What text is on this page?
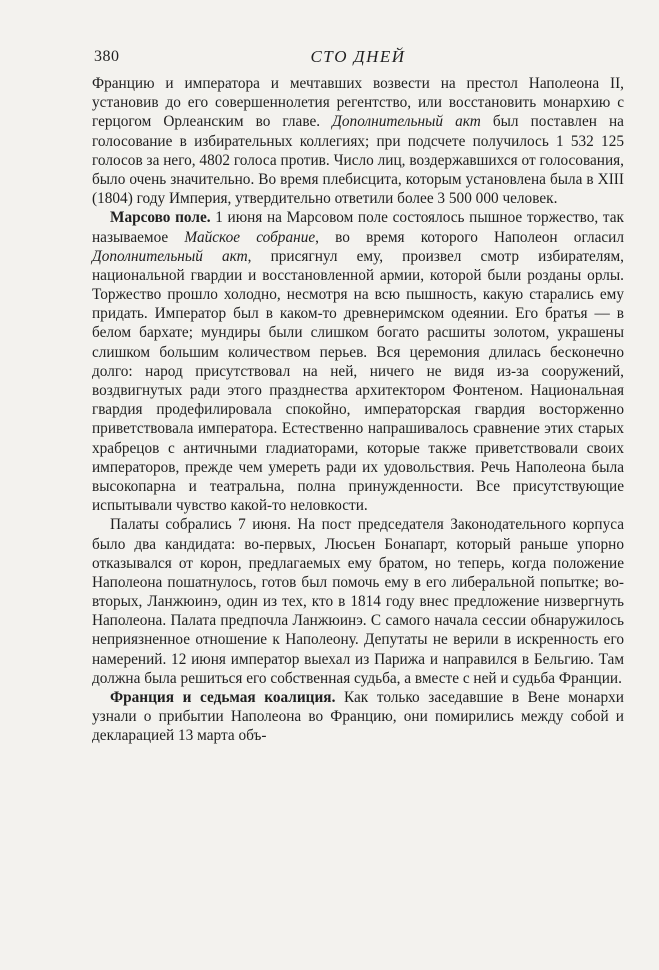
380	СТО ДНЕЙ

Францию и императора и мечтавших возвести на престол Наполеона II, установив до его совершеннолетия регентство, или восстановить монархию с герцогом Орлеанским во главе. Дополнительный акт был поставлен на голосование в избирательных коллегиях; при подсчете получилось 1 532 125 голосов за него, 4802 голоса против. Число лиц, воздержавшихся от голосования, было очень значительно. Во время плебисцита, которым установлена была в XIII (1804) году Империя, утвердительно ответили более 3 500 000 человек.

Марсово поле. 1 июня на Марсовом поле состоялось пышное торжество, так называемое Майское собрание, во время которого Наполеон огласил Дополнительный акт, присягнул ему, произвел смотр избирателям, национальной гвардии и восстановленной армии, которой были розданы орлы. Торжество прошло холодно, несмотря на всю пышность, какую старались ему придать. Император был в каком-то древнеримском одеянии. Его братья — в белом бархате; мундиры были слишком богато расшиты золотом, украшены слишком большим количеством перьев. Вся церемония длилась бесконечно долго: народ присутствовал на ней, ничего не видя из-за сооружений, воздвигнутых ради этого празднества архитектором Фонтеном. Национальная гвардия продефилировала спокойно, императорская гвардия восторженно приветствовала императора. Естественно напрашивалось сравнение этих старых храбрецов с античными гладиаторами, которые также приветствовали своих императоров, прежде чем умереть ради их удовольствия. Речь Наполеона была высокопарна и театральна, полна принужденности. Все присутствующие испытывали чувство какой-то неловкости.

Палаты собрались 7 июня. На пост председателя Законодательного корпуса было два кандидата: во-первых, Люсьен Бонапарт, который раньше упорно отказывался от корон, предлагаемых ему братом, но теперь, когда положение Наполеона пошатнулось, готов был помочь ему в его либеральной попытке; во-вторых, Ланжюинэ, один из тех, кто в 1814 году внес предложение низвергнуть Наполеона. Палата предпочла Ланжюинэ. С самого начала сессии обнаружилось неприязненное отношение к Наполеону. Депутаты не верили в искренность его намерений. 12 июня император выехал из Парижа и направился в Бельгию. Там должна была решиться его собственная судьба, а вместе с ней и судьба Франции.

Франция и седьмая коалиция. Как только заседавшие в Вене монархи узнали о прибытии Наполеона во Францию, они помирились между собой и декларацией 13 марта объ-
